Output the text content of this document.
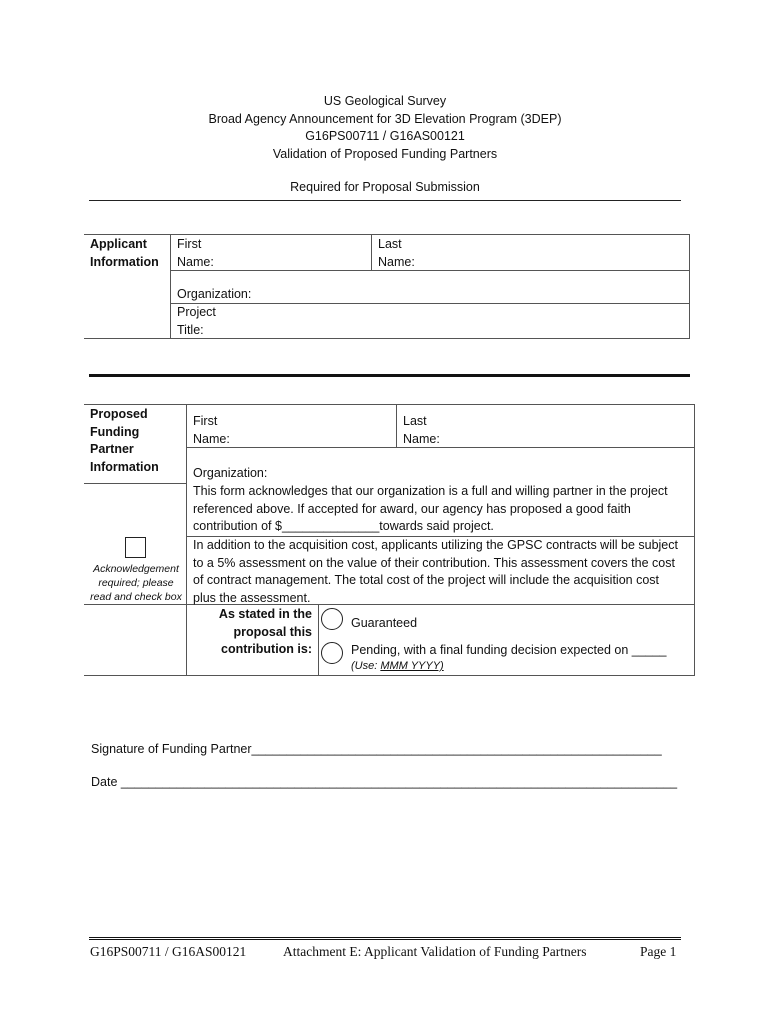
US Geological Survey
Broad Agency Announcement for 3D Elevation Program (3DEP)
G16PS00711 / G16AS00121
Validation of Proposed Funding Partners
Required for Proposal Submission
Applicant
Information
First
Name:
Last
Name:
Organization:
Project
Title:
Proposed
Funding
Partner
Information
First
Name:
Last
Name:
Organization:
This form acknowledges that our organization is a full and willing partner in the project
referenced above. If accepted for award, our agency has proposed a good faith
contribution of $______________towards said project.
In addition to the acquisition cost, applicants utilizing the GPSC contracts will be subject
to a 5% assessment on the value of their contribution. This assessment covers the cost
of contract management. The total cost of the project will include the acquisition cost
plus the assessment.
Acknowledgement
required; please
read and check box
As stated in the
proposal this
contribution is:
Guaranteed
Pending, with a final funding decision expected on _____
(Use: MMM YYYY)
Signature of Funding Partner___________________________________________________________
Date ________________________________________________________________________________
G16PS00711 / G16AS00121	Attachment E: Applicant Validation of Funding Partners	Page 1
